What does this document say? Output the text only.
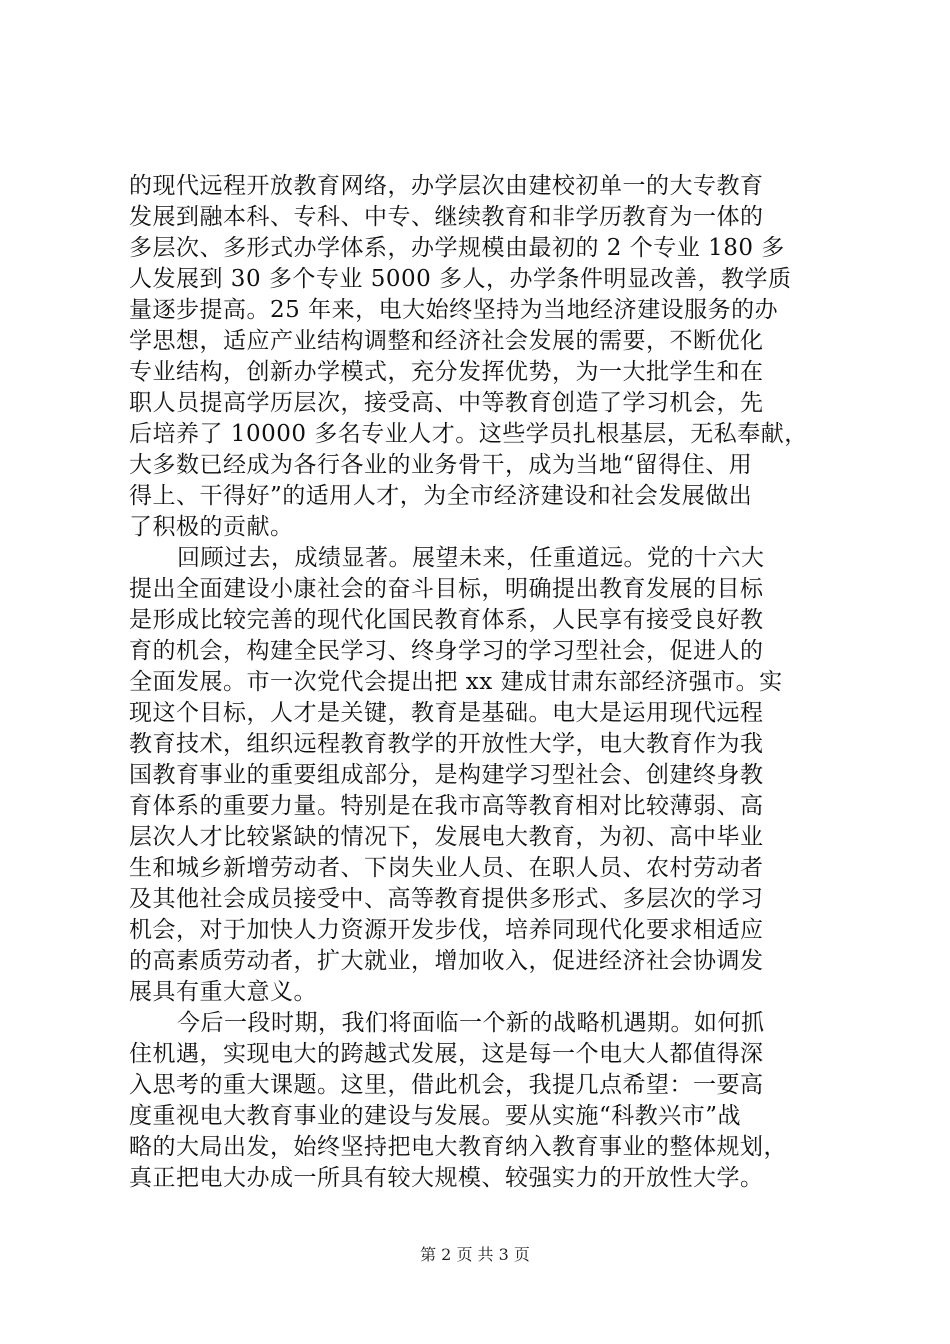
的现代远程开放教育网络，办学层次由建校初单一的大专教育
发展到融本科、专科、中专、继续教育和非学历教育为一体的
多层次、多形式办学体系，办学规模由最初的 2 个专业 180 多
人发展到 30 多个专业 5000 多人，办学条件明显改善，教学质
量逐步提高。25 年来，电大始终坚持为当地经济建设服务的办
学思想，适应产业结构调整和经济社会发展的需要，不断优化
专业结构，创新办学模式，充分发挥优势，为一大批学生和在
职人员提高学历层次，接受高、中等教育创造了学习机会，先
后培养了 10000 多名专业人才。这些学员扎根基层，无私奉献，
大多数已经成为各行各业的业务骨干，成为当地“留得住、用
得上、干得好”的适用人才，为全市经济建设和社会发展做出
了积极的贡献。
回顾过去，成绩显著。展望未来，任重道远。党的十六大
提出全面建设小康社会的奋斗目标，明确提出教育发展的目标
是形成比较完善的现代化国民教育体系，人民享有接受良好教
育的机会，构建全民学习、终身学习的学习型社会，促进人的
全面发展。市一次党代会提出把 xx 建成甘肃东部经济强市。实
现这个目标，人才是关键，教育是基础。电大是运用现代远程
教育技术，组织远程教育教学的开放性大学，电大教育作为我
国教育事业的重要组成部分，是构建学习型社会、创建终身教
育体系的重要力量。特别是在我市高等教育相对比较薄弱、高
层次人才比较紧缺的情况下，发展电大教育，为初、高中毕业
生和城乡新增劳动者、下岗失业人员、在职人员、农村劳动者
及其他社会成员接受中、高等教育提供多形式、多层次的学习
机会，对于加快人力资源开发步伐，培养同现代化要求相适应
的高素质劳动者，扩大就业，增加收入，促进经济社会协调发
展具有重大意义。
今后一段时期，我们将面临一个新的战略机遇期。如何抓
住机遇，实现电大的跨越式发展，这是每一个电大人都值得深
入思考的重大课题。这里，借此机会，我提几点希望：一要高
度重视电大教育事业的建设与发展。要从实施“科教兴市”战
略的大局出发，始终坚持把电大教育纳入教育事业的整体规划，
真正把电大办成一所具有较大规模、较强实力的开放性大学。
第 2 页 共 3 页
